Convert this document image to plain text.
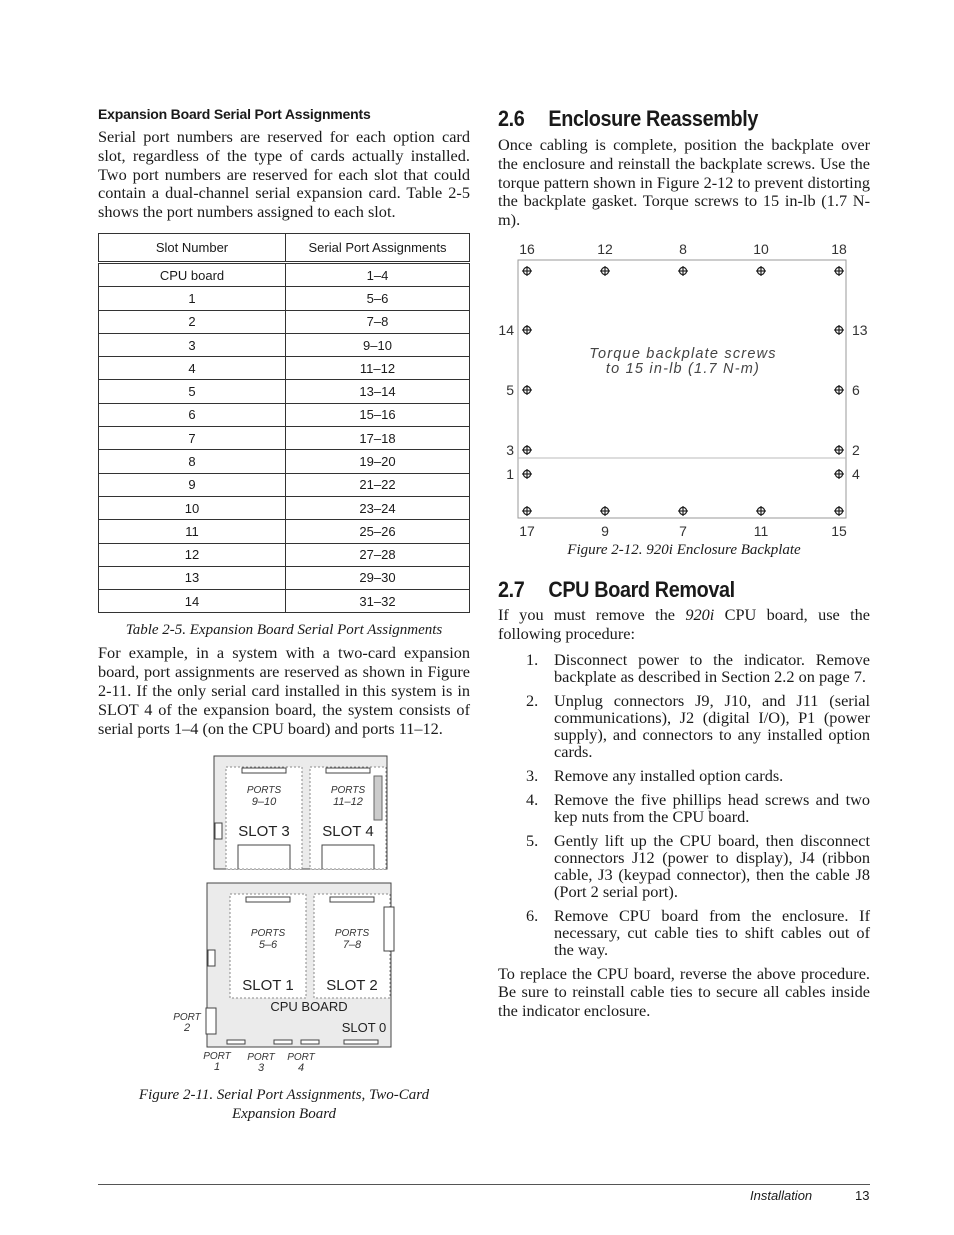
Expansion Board Serial Port Assignments

Serial port numbers are reserved for each option card slot, regardless of the type of cards actually installed. Two port numbers are reserved for each slot that could contain a dual-channel serial expansion card. Table 2-5 shows the port numbers assigned to each slot.

Slot Number	Serial Port Assignments

CPU board	1–4
1	5–6
2	7–8
3	9–10
4	11–12
5	13–14
6	15–16
7	17–18
8	19–20
9	21–22
10	23–24
11	25–26
12	27–28
13	29–30
14	31–32
Table 2-5. Expansion Board Serial Port Assignments

For example, in a system with a two-card expansion board, port assignments are reserved as shown in Figure 2-11. If the only serial card installed in this system is in SLOT 4 of the expansion board, the system consists of serial ports 1–4 (on the CPU board) and ports 11–12.

PORTS
9–10
PORTS
11–12
SLOT 3 SLOT 4
PORTS
5–6
PORTS
7–8
SLOT 1 SLOT 2
CPU BOARD
SLOT 0
PORT
2
PORT
1
PORT
3
PORT
4
Figure 2-11. Serial Port Assignments, Two-Card
Expansion Board
2.6 Enclosure Reassembly

Once cabling is complete, position the backplate over the enclosure and reinstall the backplate screws. Use the torque pattern shown in Figure 2-12 to prevent distorting the backplate gasket. Torque screws to 15 in-lb (1.7 N-m).

16	12	8	10	18
17	9	7	11	15
14
5
3
1
13
6
2
4
Torque backplate screws
to 15 in-lb (1.7 N-m)
Figure 2-12. 920i Enclosure Backplate
2.7 CPU Board Removal

If you must remove the 920i CPU board, use the following procedure:

1. Disconnect power to the indicator. Remove backplate as described in Section 2.2 on page 7.
2. Unplug connectors J9, J10, and J11 (serial communications), J2 (digital I/O), P1 (power supply), and connectors to any installed option cards.
3. Remove any installed option cards.
4. Remove the five phillips head screws and two kep nuts from the CPU board.
5. Gently lift up the CPU board, then disconnect connectors J12 (power to display), J4 (ribbon cable, J3 (keypad connector), then the cable J8 (Port 2 serial port).
6. Remove CPU board from the enclosure. If necessary, cut cable ties to shift cables out of the way.

To replace the CPU board, reverse the above procedure. Be sure to reinstall cable ties to secure all cables inside the indicator enclosure.

Installation	13
